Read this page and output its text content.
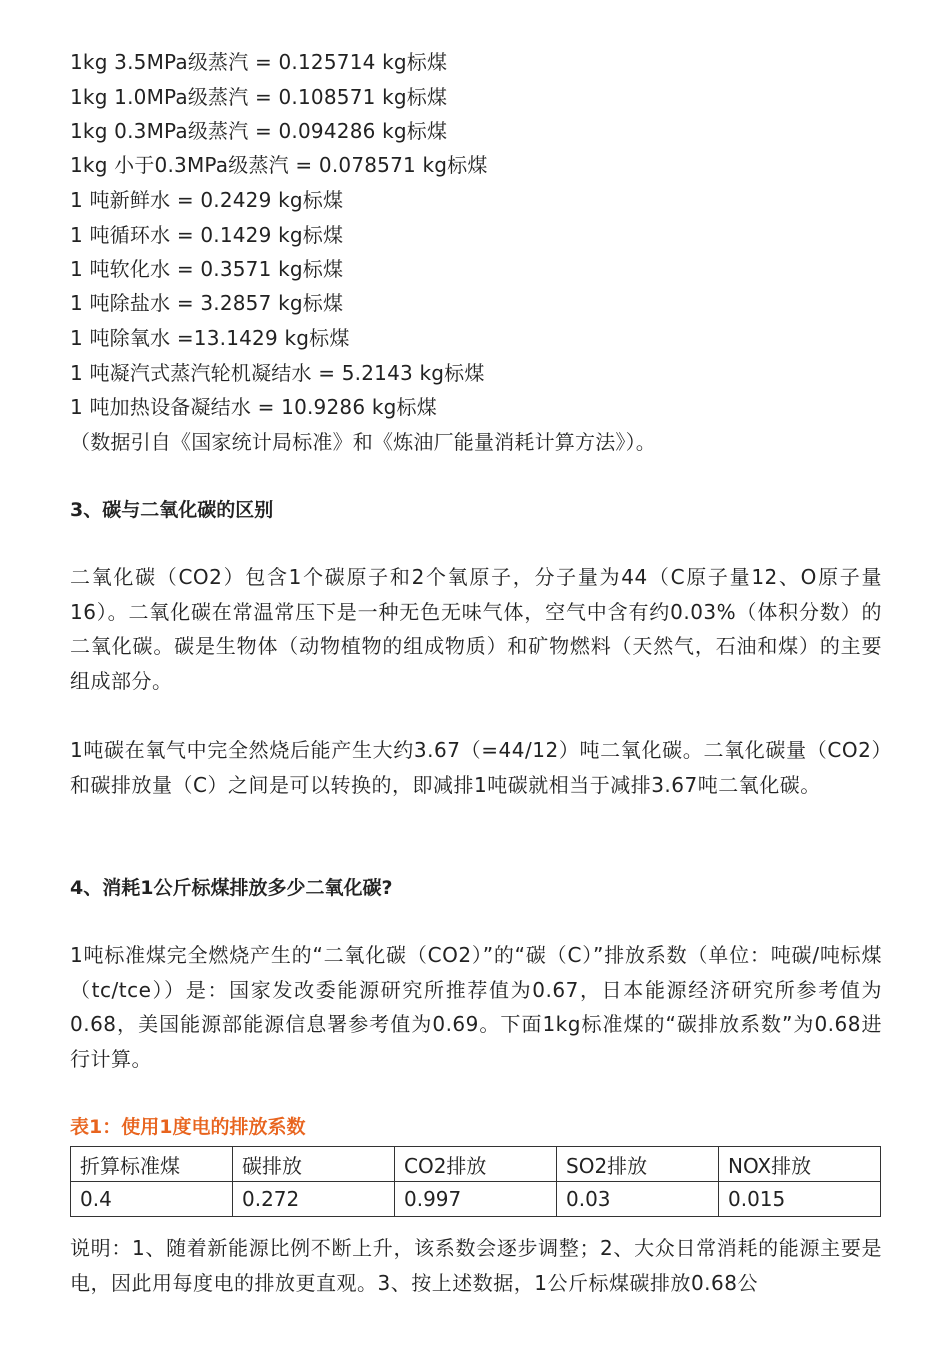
1kg 3.5MPa级蒸汽 = 0.125714 kg标煤
1kg 1.0MPa级蒸汽 = 0.108571 kg标煤
1kg 0.3MPa级蒸汽 = 0.094286 kg标煤
1kg 小于0.3MPa级蒸汽 = 0.078571 kg标煤
1 吨新鲜水 = 0.2429 kg标煤
1 吨循环水 = 0.1429 kg标煤
1 吨软化水 = 0.3571 kg标煤
1 吨除盐水 = 3.2857 kg标煤
1 吨除氧水 =13.1429 kg标煤
1 吨凝汽式蒸汽轮机凝结水 = 5.2143 kg标煤
1 吨加热设备凝结水 = 10.9286 kg标煤
（数据引自《国家统计局标准》和《炼油厂能量消耗计算方法》）。
3、碳与二氧化碳的区别
二氧化碳（CO2）包含1个碳原子和2个氧原子，分子量为44（C原子量12、O原子量16）。二氧化碳在常温常压下是一种无色无味气体，空气中含有约0.03%（体积分数）的二氧化碳。碳是生物体（动物植物的组成物质）和矿物燃料（天然气，石油和煤）的主要组成部分。
1吨碳在氧气中完全然烧后能产生大约3.67（=44/12）吨二氧化碳。二氧化碳量（CO2）和碳排放量（C）之间是可以转换的，即减排1吨碳就相当于减排3.67吨二氧化碳。
4、消耗1公斤标煤排放多少二氧化碳?
1吨标准煤完全燃烧产生的“二氧化碳（CO2）”的“碳（C）”排放系数（单位：吨碳/吨标煤（tc/tce））是：国家发改委能源研究所推荐值为0.67，日本能源经济研究所参考值为0.68，美国能源部能源信息署参考值为0.69。下面1kg标准煤的“碳排放系数”为0.68进行计算。
表1：使用1度电的排放系数
折算标准煤	碳排放	CO2排放	SO2排放	NOX排放
0.4	0.272	0.997	0.03	0.015
说明：1、随着新能源比例不断上升，该系数会逐步调整；2、大众日常消耗的能源主要是电，因此用每度电的排放更直观。3、按上述数据，1公斤标煤碳排放0.68公
